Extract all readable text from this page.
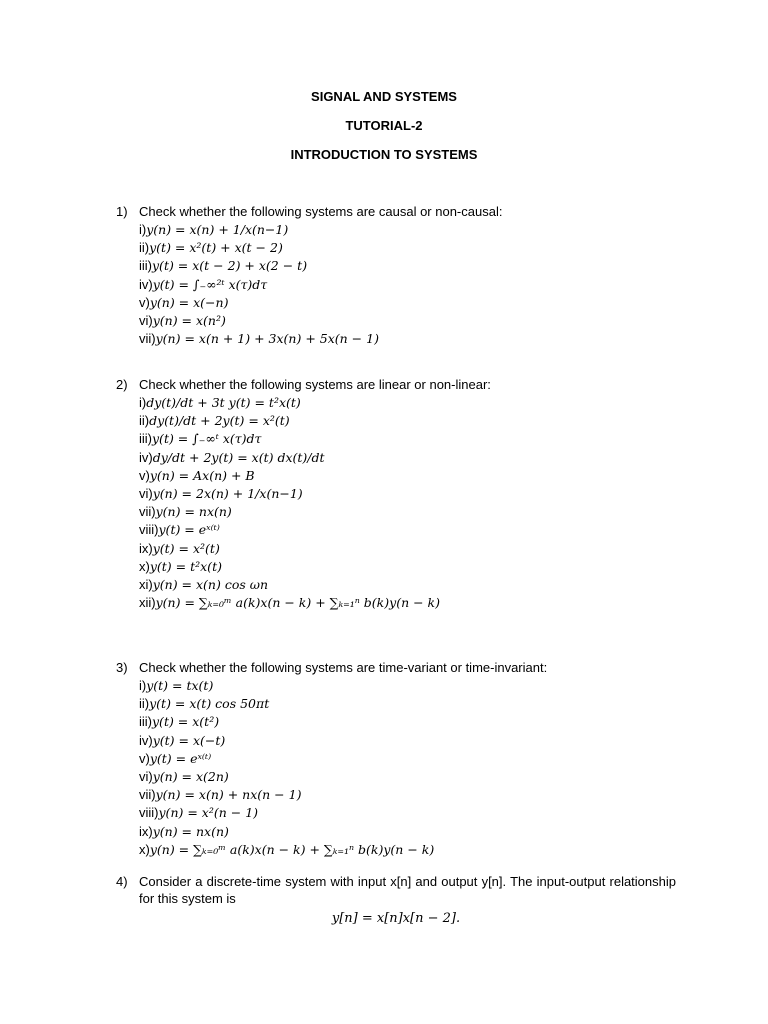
SIGNAL AND SYSTEMS
TUTORIAL-2
INTRODUCTION TO SYSTEMS
1) Check whether the following systems are causal or non-causal:
i)y(n) = x(n) + 1/x(n−1)
ii)y(t) = x²(t) + x(t − 2)
iii)y(t) = x(t − 2) + x(2 − t)
iv)y(t) = ∫₋∞²ᵗ x(τ)dτ
v)y(n) = x(−n)
vi)y(n) = x(n²)
vii)y(n) = x(n + 1) + 3x(n) + 5x(n − 1)
2) Check whether the following systems are linear or non-linear:
i)dy(t)/dt + 3t y(t) = t²x(t)
ii)dy(t)/dt + 2y(t) = x²(t)
iii)y(t) = ∫₋∞ᵗ x(τ)dτ
iv)dy/dt + 2y(t) = x(t) dx(t)/dt
v)y(n) = Ax(n) + B
vi)y(n) = 2x(n) + 1/x(n−1)
vii)y(n) = nx(n)
viii)y(t) = eˣ⁽ᵗ⁾
ix)y(t) = x²(t)
x)y(t) = t²x(t)
xi)y(n) = x(n) cos ωn
xii)y(n) = ∑ₖ₌₀ᵐ a(k)x(n − k) + ∑ₖ₌₁ⁿ b(k)y(n − k)
3) Check whether the following systems are time-variant or time-invariant:
i)y(t) = tx(t)
ii)y(t) = x(t) cos 50πt
iii)y(t) = x(t²)
iv)y(t) = x(−t)
v)y(t) = eˣ⁽ᵗ⁾
vi)y(n) = x(2n)
vii)y(n) = x(n) + nx(n − 1)
viii)y(n) = x²(n − 1)
ix)y(n) = nx(n)
x)y(n) = ∑ₖ₌₀ᵐ a(k)x(n − k) + ∑ₖ₌₁ⁿ b(k)y(n − k)
4) Consider a discrete-time system with input x[n] and output y[n]. The input-output relationship for this system is
y[n] = x[n]x[n − 2].
